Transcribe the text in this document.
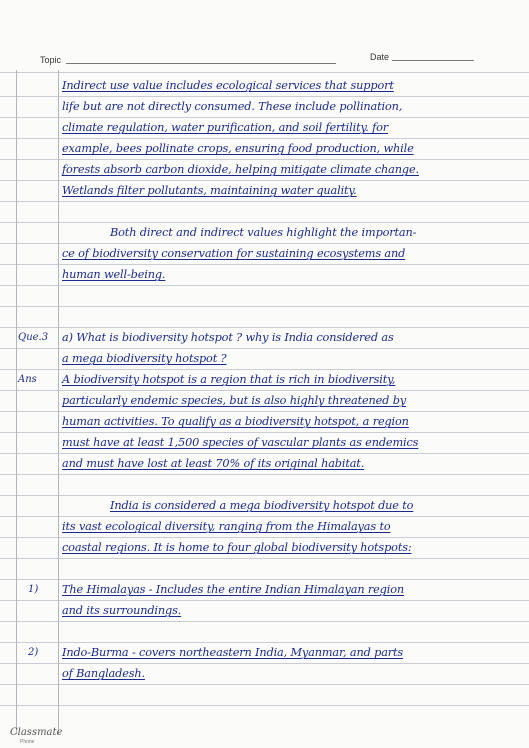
Topic	Date
Indirect use value includes ecological services that support
life but are not directly consumed. These include pollination,
climate regulation, water purification, and soil fertility. for
example, bees pollinate crops, ensuring food production, while
forests absorb carbon dioxide, helping mitigate climate change.
Wetlands filter pollutants, maintaining water quality.
Both direct and indirect values highlight the importan-
ce of biodiversity conservation for sustaining ecosystems and
human well-being.
Que.3 a) What is biodiversity hotspot ? why is India considered as
a mega biodiversity hotspot ?
Ans A biodiversity hotspot is a region that is rich in biodiversity,
particularly endemic species, but is also highly threatened by
human activities. To qualify as a biodiversity hotspot, a region
must have at least 1,500 species of vascular plants as endemics
and must have lost at least 70% of its original habitat.
India is considered a mega biodiversity hotspot due to
its vast ecological diversity, ranging from the Himalayas to
coastal regions. It is home to four global biodiversity hotspots:
1) The Himalayas - Includes the entire Indian Himalayan region
and its surroundings.
2) Indo-Burma - covers northeastern India, Myanmar, and parts
of Bangladesh.
Classmate
Phone
